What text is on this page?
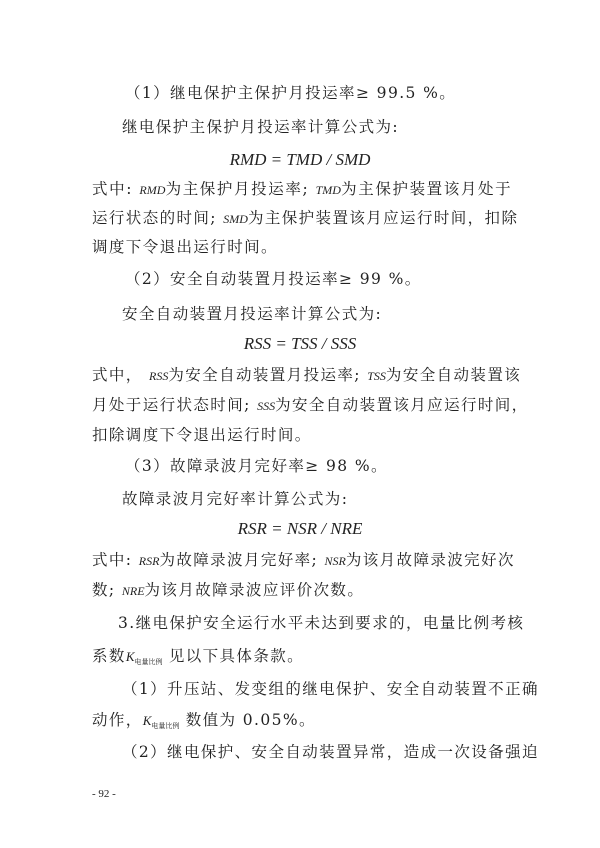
（1）继电保护主保护月投运率≥ 99.5 %。
继电保护主保护月投运率计算公式为:
RMD = TMD / SMD
式中: RMD为主保护月投运率; TMD为主保护装置该月处于
运行状态的时间; SMD为主保护装置该月应运行时间，扣除
调度下令退出运行时间。
（2）安全自动装置月投运率≥ 99 %。
安全自动装置月投运率计算公式为:
RSS = TSS / SSS
式中， RSS为安全自动装置月投运率; TSS为安全自动装置该
月处于运行状态时间; SSS为安全自动装置该月应运行时间，
扣除调度下令退出运行时间。
（3）故障录波月完好率≥ 98 %。
故障录波月完好率计算公式为:
RSR = NSR / NRE
式中: RSR为故障录波月完好率; NSR为该月故障录波完好次
数; NRE为该月故障录波应评价次数。
3.继电保护安全运行水平未达到要求的，电量比例考核
系数$K_{电量比例}$ 见以下具体条款。
（1）升压站、发变组的继电保护、安全自动装置不正确
动作，$K_{电量比例}$ 数值为 0.05%。
（2）继电保护、安全自动装置异常，造成一次设备强迫
- 92 -
